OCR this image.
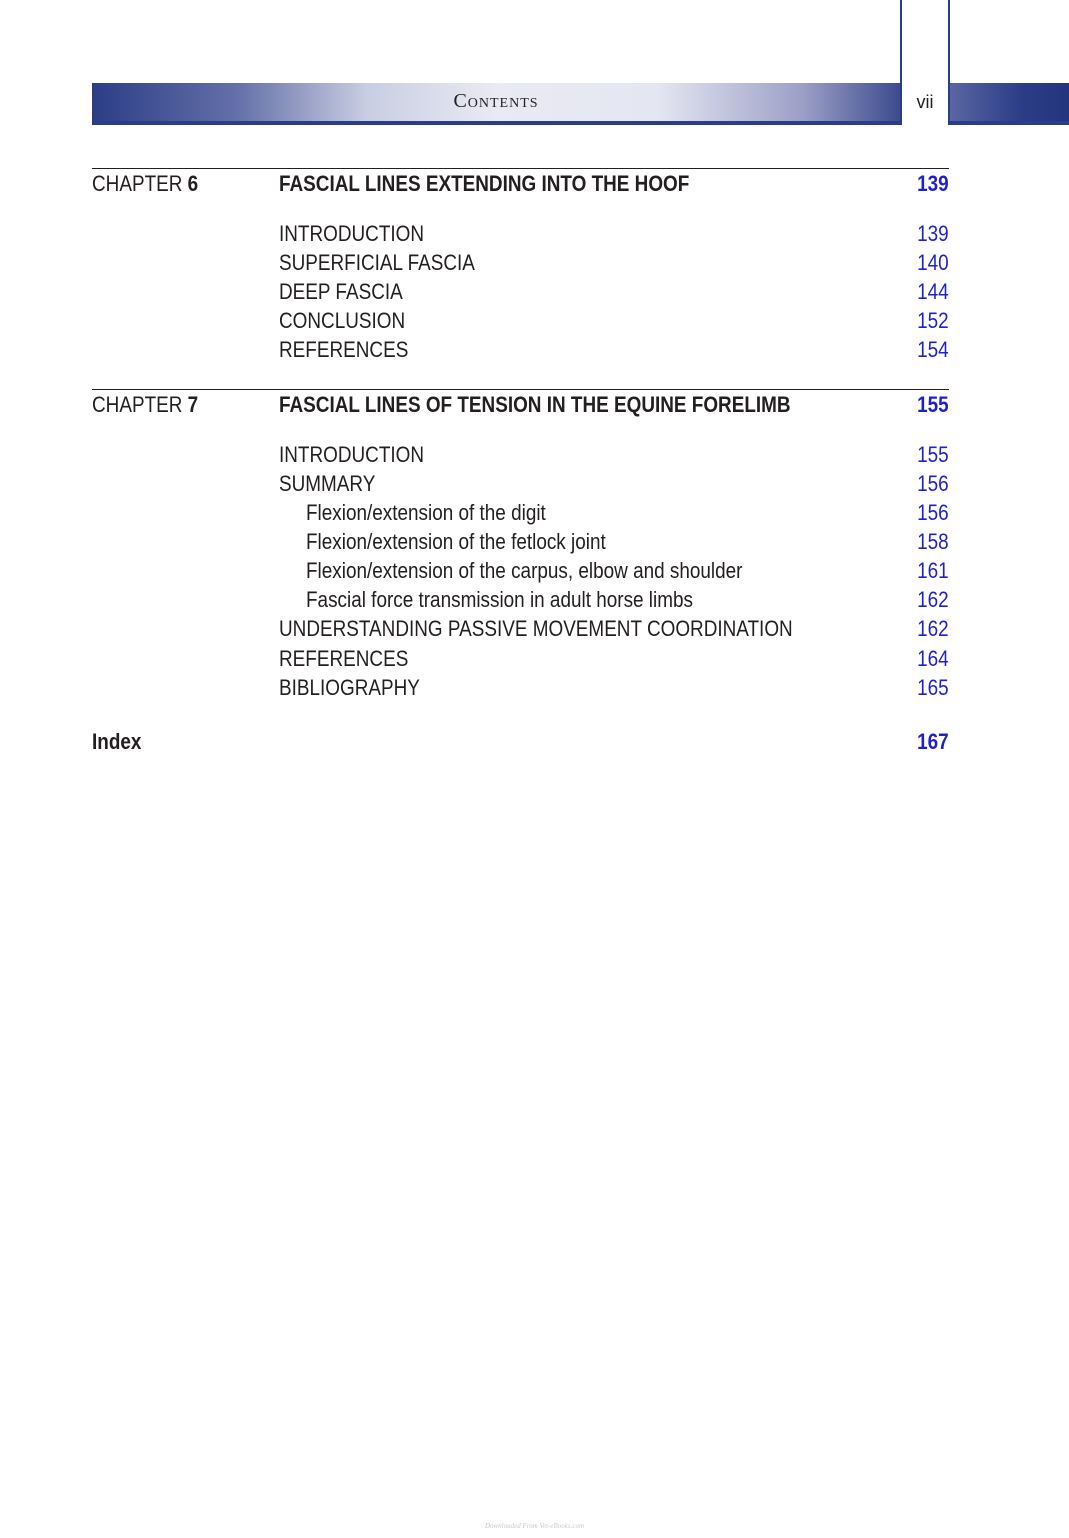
Contents	vii
CHAPTER 6	FASCIAL LINES EXTENDING INTO THE HOOF	139
INTRODUCTION	139
SUPERFICIAL FASCIA	140
DEEP FASCIA	144
CONCLUSION	152
REFERENCES	154
CHAPTER 7	FASCIAL LINES OF TENSION IN THE EQUINE FORELIMB	155
INTRODUCTION	155
SUMMARY	156
Flexion/extension of the digit	156
Flexion/extension of the fetlock joint	158
Flexion/extension of the carpus, elbow and shoulder	161
Fascial force transmission in adult horse limbs	162
UNDERSTANDING PASSIVE MOVEMENT COORDINATION	162
REFERENCES	164
BIBLIOGRAPHY	165
Index	167
Downloaded From Vet-eBooks.com
